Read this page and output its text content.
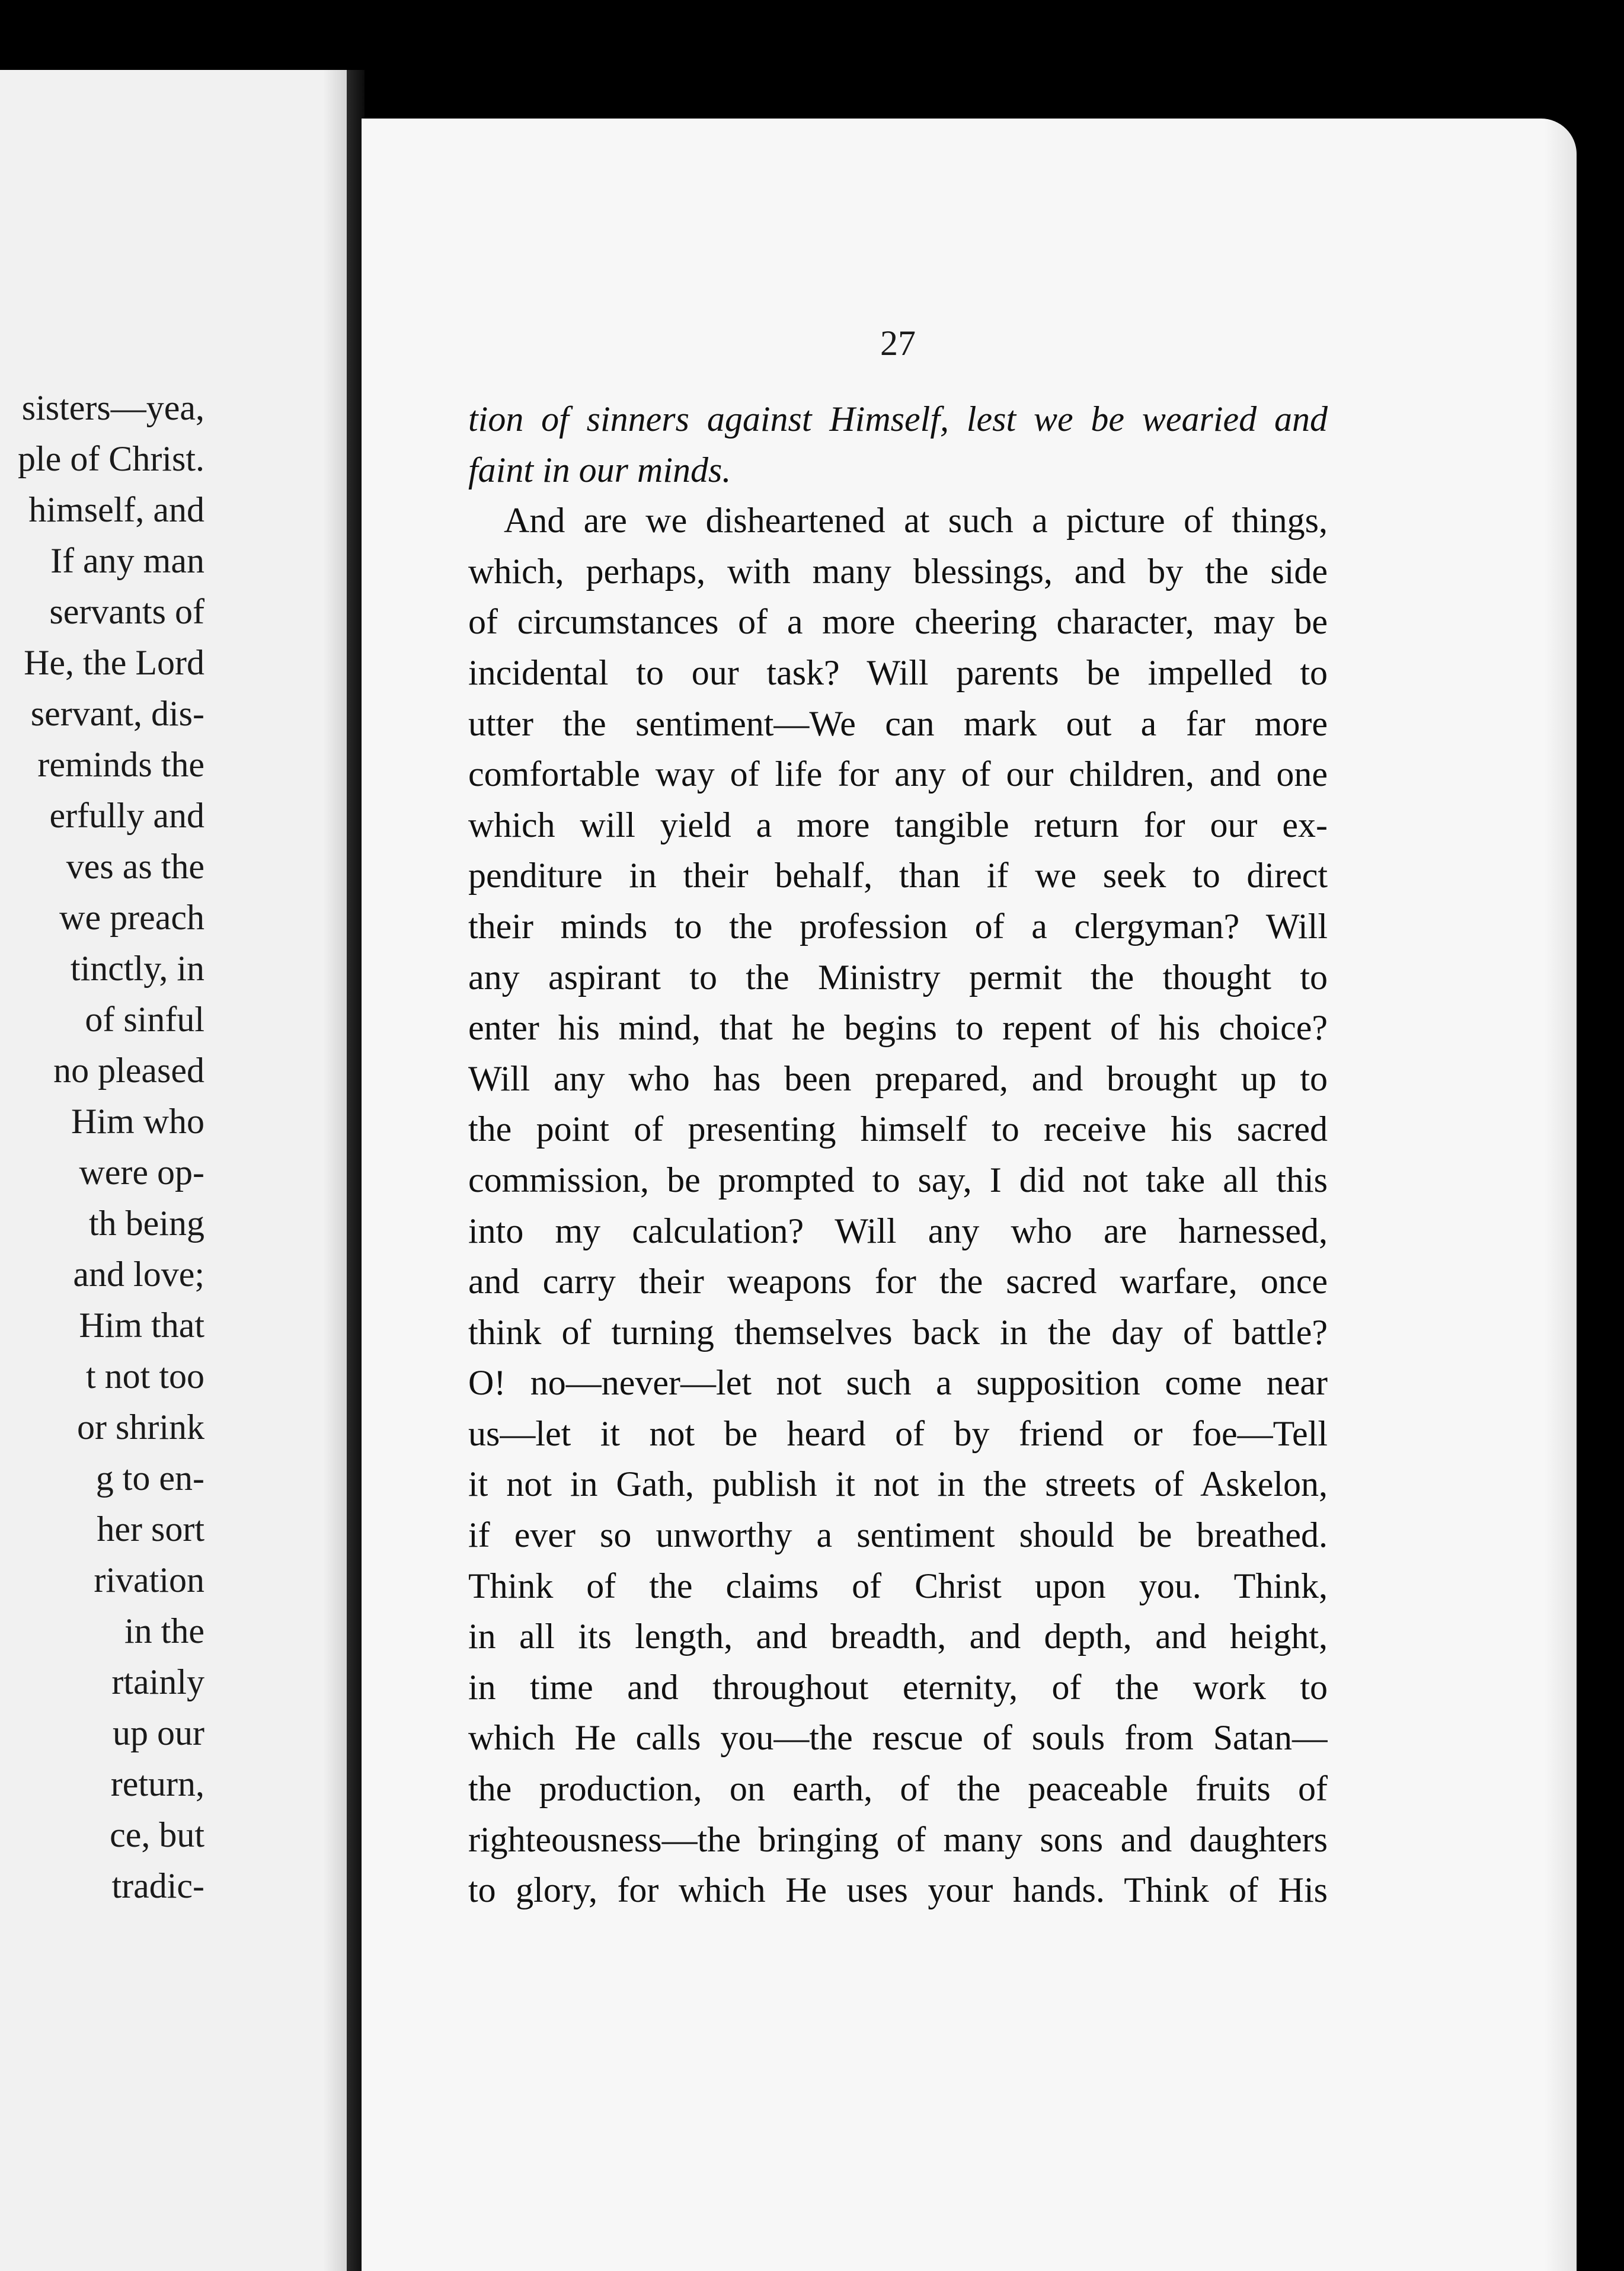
sisters—yea,
ple of Christ.
himself, and
If any man
servants of
He, the Lord
servant, dis-
reminds the
erfully and
ves as the
we preach
tinctly, in
of sinful
no pleased
Him who
were op-
th being
and love;
Him that
t not too
or shrink
g to en-
her sort
rivation
in the
rtainly
up our
return,
ce, but
tradic-
27
tion of sinners against Himself, lest we be wearied and
faint in our minds.
And are we disheartened at such a picture of things,
which, perhaps, with many blessings, and by the side
of circumstances of a more cheering character, may be
incidental to our task? Will parents be impelled to
utter the sentiment—We can mark out a far more
comfortable way of life for any of our children, and one
which will yield a more tangible return for our ex-
penditure in their behalf, than if we seek to direct
their minds to the profession of a clergyman? Will
any aspirant to the Ministry permit the thought to
enter his mind, that he begins to repent of his choice?
Will any who has been prepared, and brought up to
the point of presenting himself to receive his sacred
commission, be prompted to say, I did not take all this
into my calculation? Will any who are harnessed,
and carry their weapons for the sacred warfare, once
think of turning themselves back in the day of battle?
O! no—never—let not such a supposition come near
us—let it not be heard of by friend or foe—Tell
it not in Gath, publish it not in the streets of Askelon,
if ever so unworthy a sentiment should be breathed.
Think of the claims of Christ upon you. Think,
in all its length, and breadth, and depth, and height,
in time and throughout eternity, of the work to
which He calls you—the rescue of souls from Satan—
the production, on earth, of the peaceable fruits of
righteousness—the bringing of many sons and daughters
to glory, for which He uses your hands. Think of His
